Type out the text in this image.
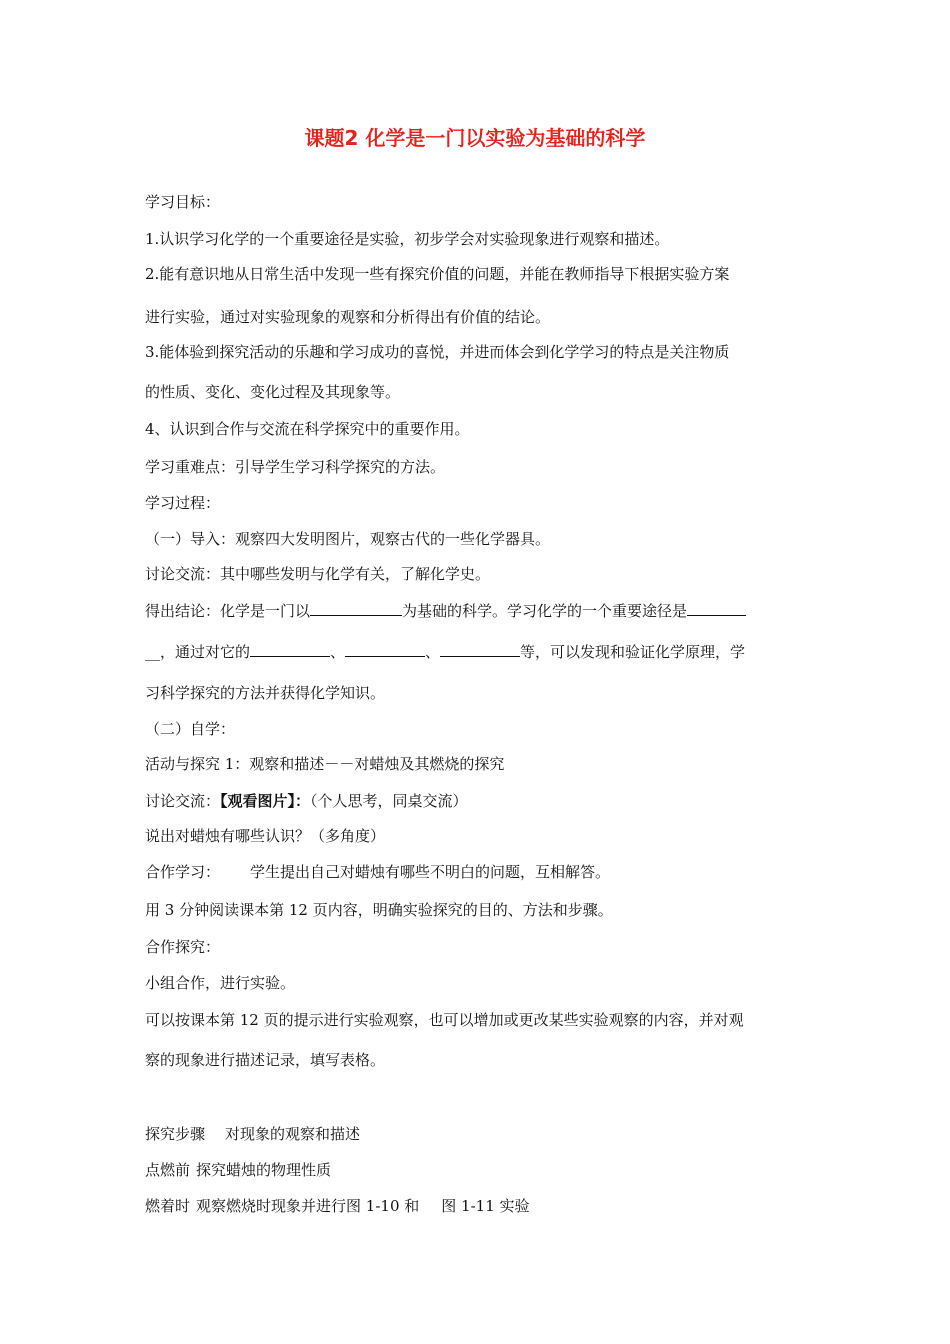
课题2 化学是一门以实验为基础的科学
学习目标：
1.认识学习化学的一个重要途径是实验，初步学会对实验现象进行观察和描述。
2.能有意识地从日常生活中发现一些有探究价值的问题，并能在教师指导下根据实验方案
进行实验，通过对实验现象的观察和分析得出有价值的结论。
3.能体验到探究活动的乐趣和学习成功的喜悦，并进而体会到化学学习的特点是关注物质
的性质、变化、变化过程及其现象等。
4、认识到合作与交流在科学探究中的重要作用。
学习重难点：引导学生学习科学探究的方法。
学习过程：
（一）导入：观察四大发明图片，观察古代的一些化学器具。
讨论交流：其中哪些发明与化学有关，了解化学史。
得出结论：化学是一门以	为基础的科学。学习化学的一个重要途径是
__，通过对它的	、	、	等，可以发现和验证化学原理，学
习科学探究的方法并获得化学知识。
（二）自学：
活动与探究 1：观察和描述－－对蜡烛及其燃烧的探究
讨论交流：【观看图片】：（个人思考，同桌交流）
说出对蜡烛有哪些认识？（多角度）
合作学习： 学生提出自己对蜡烛有哪些不明白的问题，互相解答。
用 3 分钟阅读课本第 12 页内容，明确实验探究的目的、方法和步骤。
合作探究：
小组合作，进行实验。
可以按课本第 12 页的提示进行实验观察，也可以增加或更改某些实验观察的内容，并对观
察的现象进行描述记录，填写表格。
探究步骤 对现象的观察和描述
点燃前 探究蜡烛的物理性质
燃着时 观察燃烧时现象并进行图 1-10 和 图 1-11 实验
